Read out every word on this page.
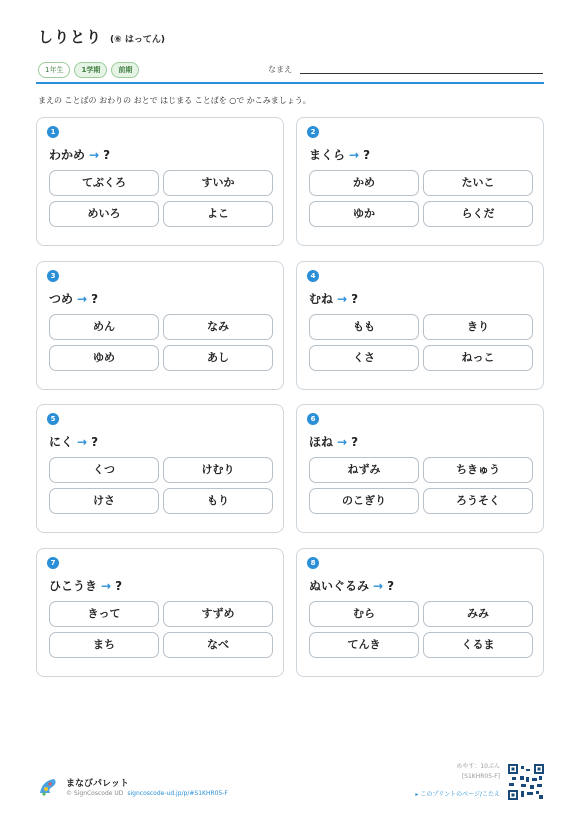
しりとり (⑥ はってん)
1年生	1学期	前期	なまえ
まえの ことばの おわりの おとで はじまる ことばを ○で かこみましょう。
1
わかめ → ?
てぶくろ	すいか
めいろ	よこ
2
まくら → ?
かめ	たいこ
ゆか	らくだ
3
つめ → ?
めん	なみ
ゆめ	あし
4
むね → ?
もも	きり
くさ	ねっこ
5
にく → ?
くつ	けむり
けさ	もり
6
ほね → ?
ねずみ	ちきゅう
のこぎり	ろうそく
7
ひこうき → ?
きって	すずめ
まち	なべ
8
ぬいぐるみ → ?
むら	みみ
てんき	くるま
まなびパレット
© SignCoscode UD signcoscode-ud.jp/p/#S1KHR05-F
めやす：10ぷん
[S1KHR05-F]
▸ このプリントのページ/こたえ
